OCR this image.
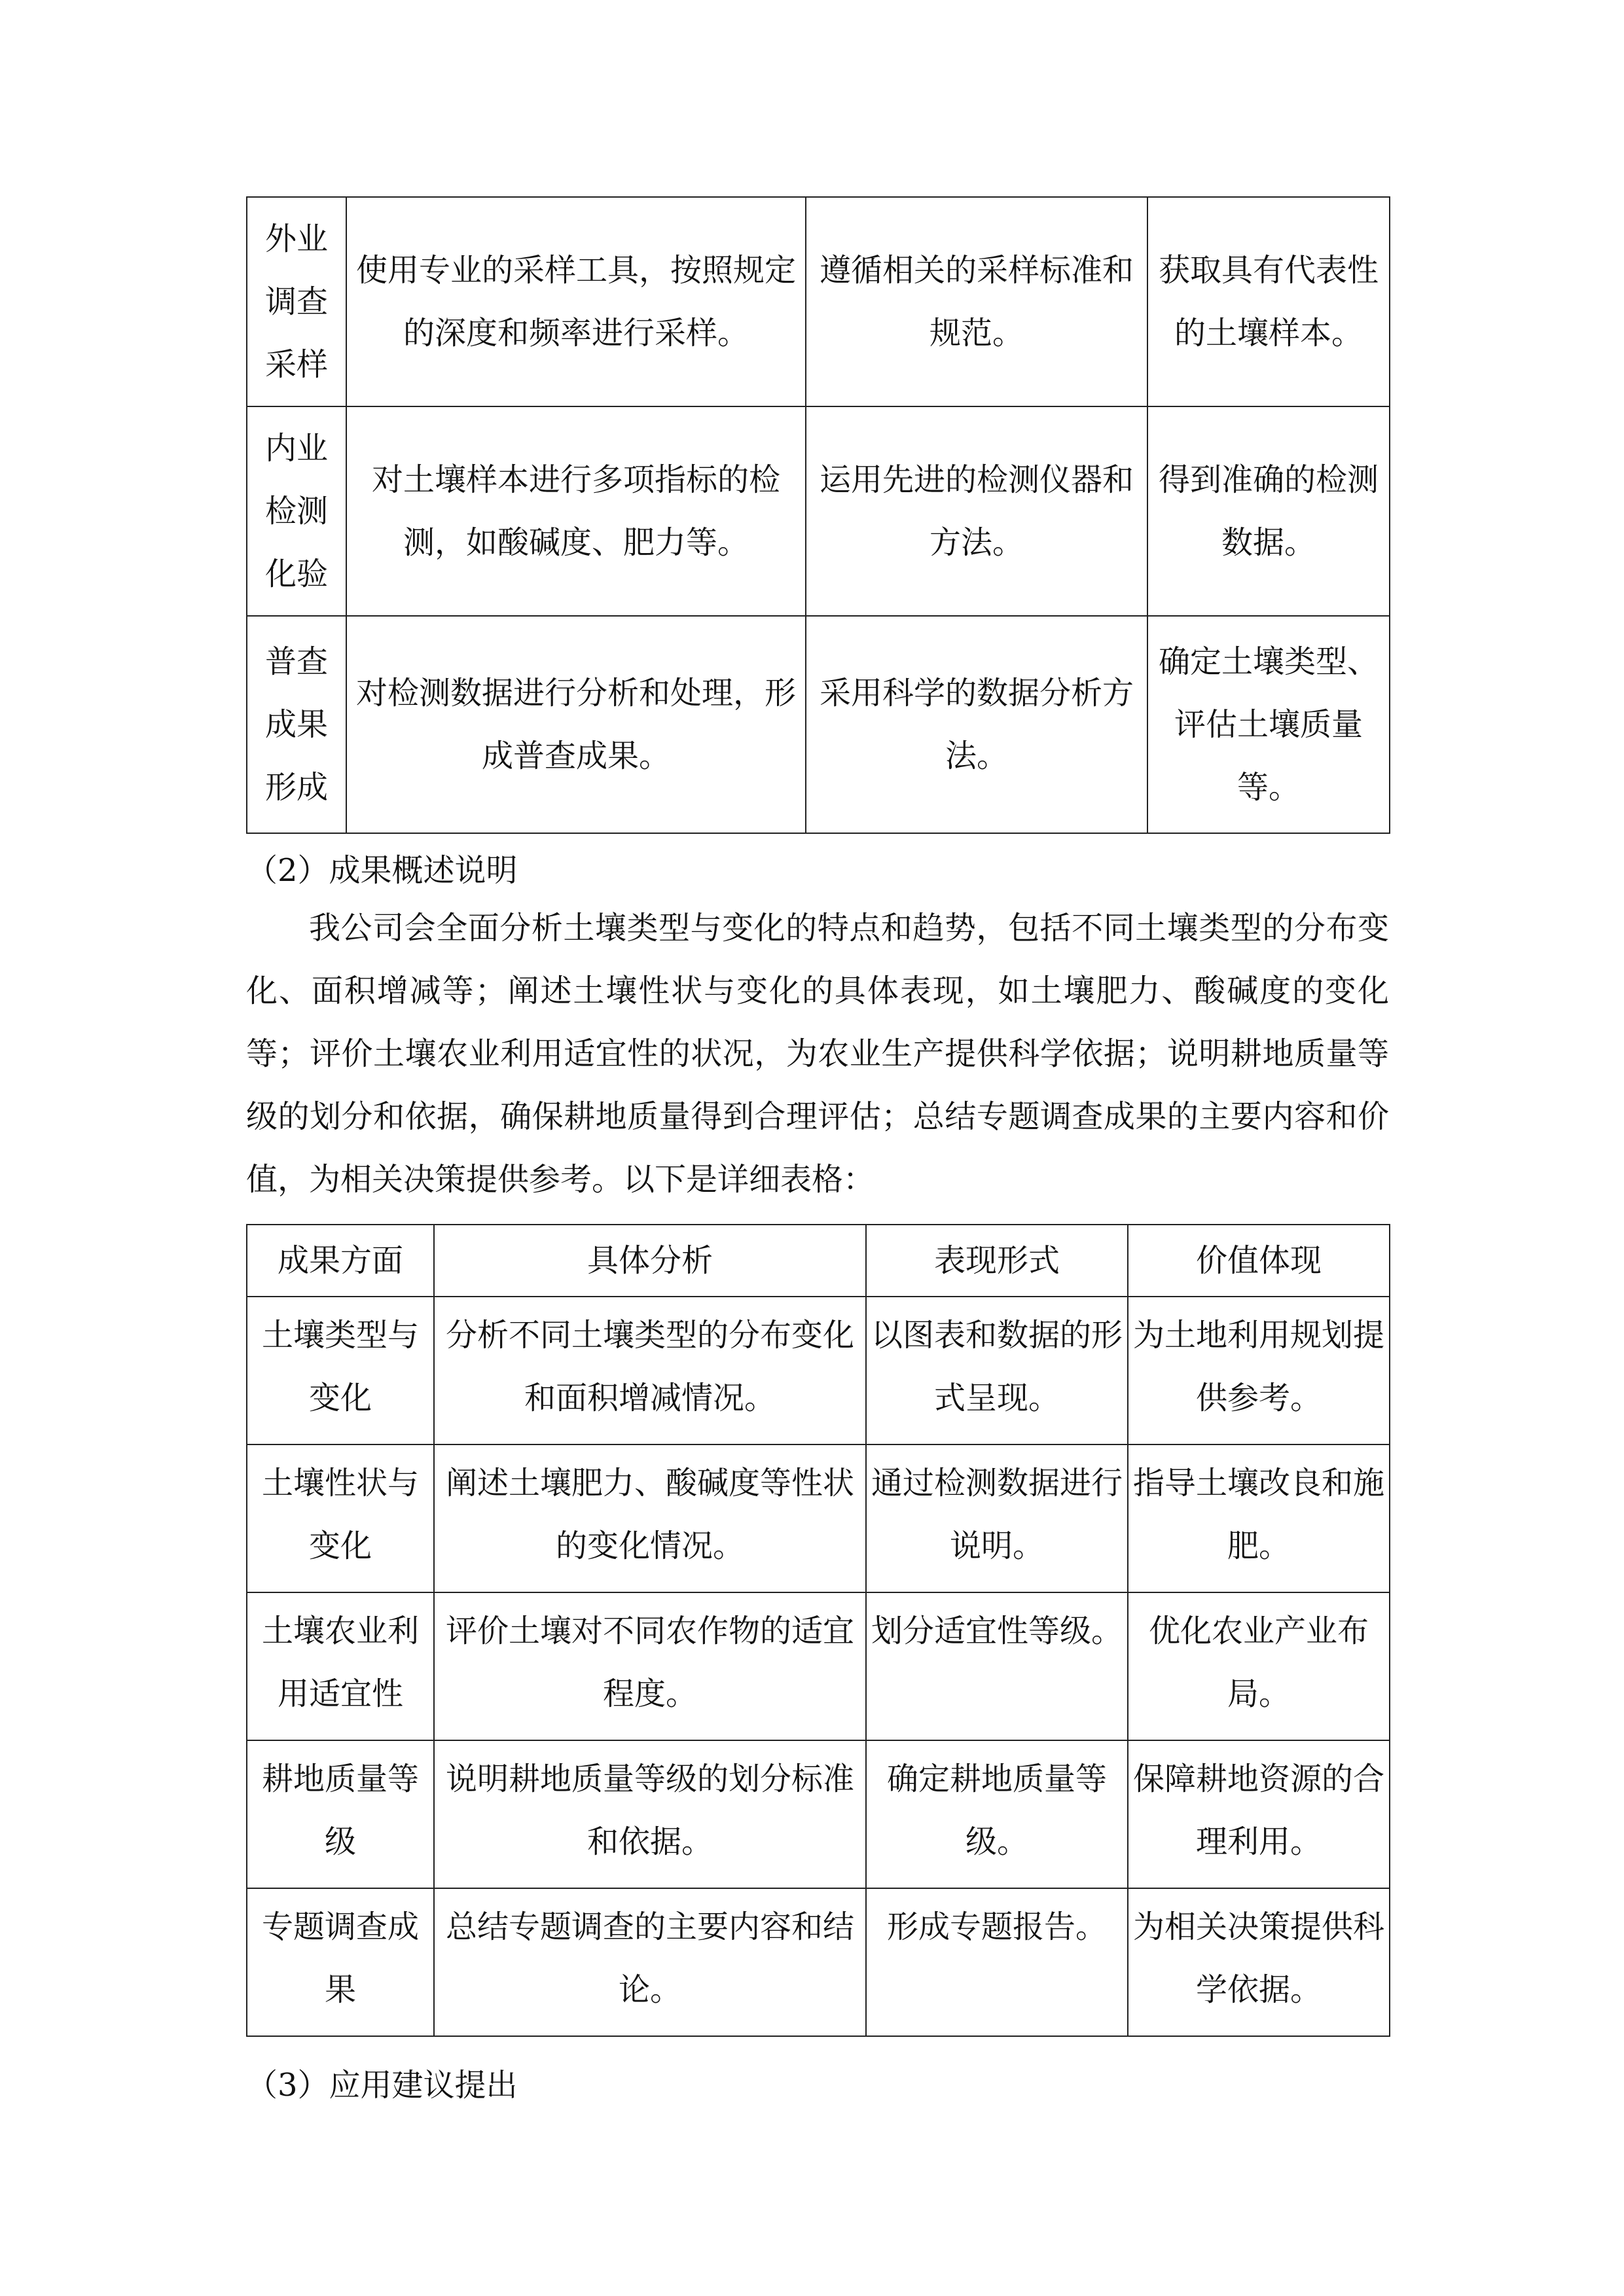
外业调查采样	使用专业的采样工具，按照规定的深度和频率进行采样。	遵循相关的采样标准和规范。	获取具有代表性的土壤样本。
内业检测化验	对土壤样本进行多项指标的检测，如酸碱度、肥力等。	运用先进的检测仪器和方法。	得到准确的检测数据。
普查成果形成	对检测数据进行分析和处理，形成普查成果。	采用科学的数据分析方法。	确定土壤类型、评估土壤质量等。
（2）成果概述说明
我公司会全面分析土壤类型与变化的特点和趋势，包括不同土壤类型的分布变化、面积增减等；阐述土壤性状与变化的具体表现，如土壤肥力、酸碱度的变化等；评价土壤农业利用适宜性的状况，为农业生产提供科学依据；说明耕地质量等级的划分和依据，确保耕地质量得到合理评估；总结专题调查成果的主要内容和价值，为相关决策提供参考。以下是详细表格：
成果方面	具体分析	表现形式	价值体现
土壤类型与变化	分析不同土壤类型的分布变化和面积增减情况。	以图表和数据的形式呈现。	为土地利用规划提供参考。
土壤性状与变化	阐述土壤肥力、酸碱度等性状的变化情况。	通过检测数据进行说明。	指导土壤改良和施肥。
土壤农业利用适宜性	评价土壤对不同农作物的适宜程度。	划分适宜性等级。	优化农业产业布局。
耕地质量等级	说明耕地质量等级的划分标准和依据。	确定耕地质量等级。	保障耕地资源的合理利用。
专题调查成果	总结专题调查的主要内容和结论。	形成专题报告。	为相关决策提供科学依据。
（3）应用建议提出
